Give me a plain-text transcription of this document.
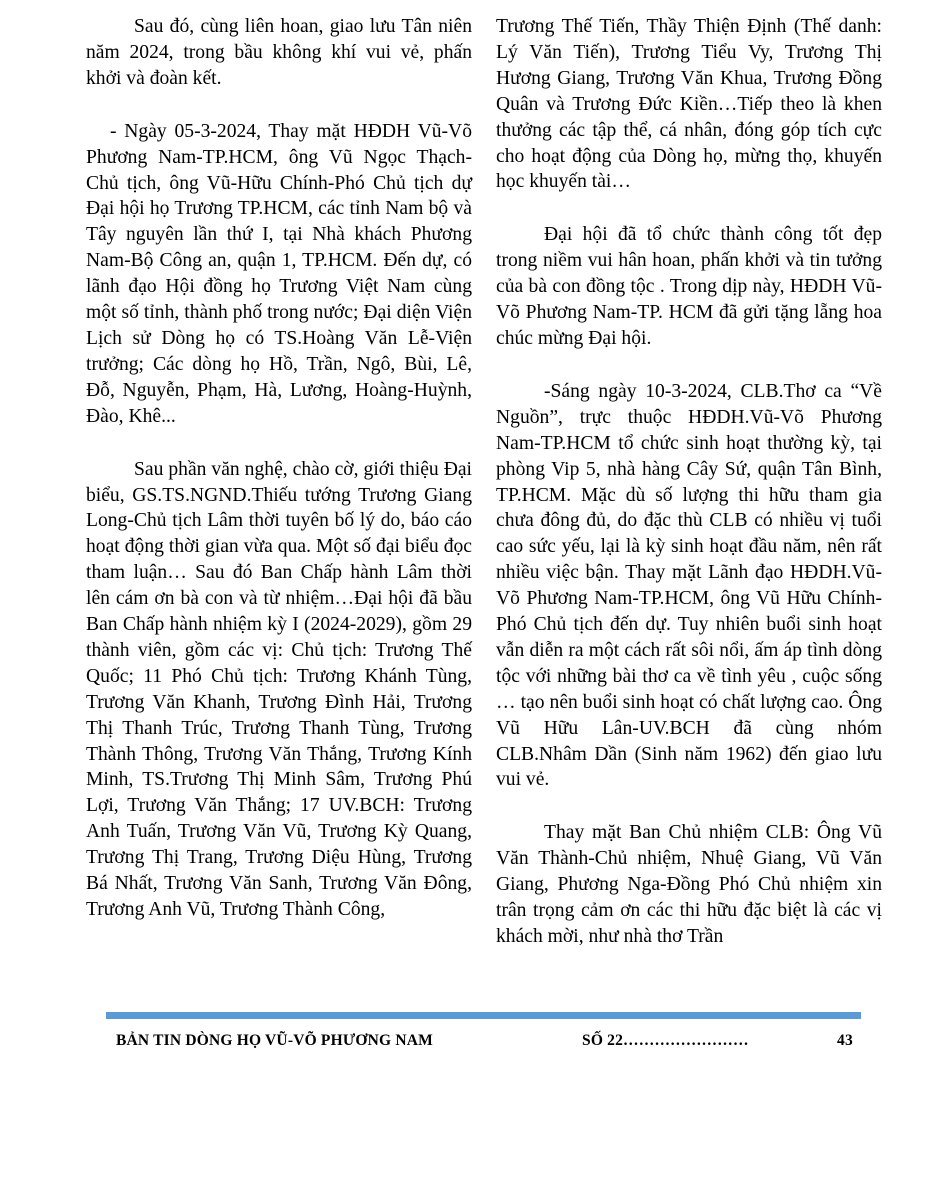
Sau đó, cùng liên hoan, giao lưu Tân niên năm 2024, trong bầu không khí vui vẻ, phấn khởi và đoàn kết.

- Ngày 05-3-2024, Thay mặt HĐDH Vũ-Võ Phương Nam-TP.HCM, ông Vũ Ngọc Thạch-Chủ tịch, ông Vũ-Hữu Chính-Phó Chủ tịch dự Đại hội họ Trương TP.HCM, các tỉnh Nam bộ và Tây nguyên lần thứ I, tại Nhà khách Phương Nam-Bộ Công an, quận 1, TP.HCM. Đến dự, có lãnh đạo Hội đồng họ Trương Việt Nam cùng một số tỉnh, thành phố trong nước; Đại diện Viện Lịch sử Dòng họ có TS.Hoàng Văn Lễ-Viện trưởng; Các dòng họ Hồ, Trần, Ngô, Bùi, Lê, Đỗ, Nguyễn, Phạm, Hà, Lương, Hoàng-Huỳnh, Đào, Khê...

Sau phần văn nghệ, chào cờ, giới thiệu Đại biểu, GS.TS.NGND.Thiếu tướng Trương Giang Long-Chủ tịch Lâm thời tuyên bố lý do, báo cáo hoạt động thời gian vừa qua. Một số đại biểu đọc tham luận… Sau đó Ban Chấp hành Lâm thời lên cám ơn bà con và từ nhiệm…Đại hội đã bầu Ban Chấp hành nhiệm kỳ I (2024-2029), gồm 29 thành viên, gồm các vị: Chủ tịch: Trương Thế Quốc; 11 Phó Chủ tịch: Trương Khánh Tùng, Trương Văn Khanh, Trương Đình Hải, Trương Thị Thanh Trúc, Trương Thanh Tùng, Trương Thành Thông, Trương Văn Thắng, Trương Kính Minh, TS.Trương Thị Minh Sâm, Trương Phú Lợi, Trương Văn Thắng; 17 UV.BCH: Trương Anh Tuấn, Trương Văn Vũ, Trương Kỳ Quang, Trương Thị Trang, Trương Diệu Hùng, Trương Bá Nhất, Trương Văn Sanh, Trương Văn Đông, Trương Anh Vũ, Trương Thành Công,

Trương Thế Tiến, Thầy Thiện Định (Thế danh: Lý Văn Tiến), Trương Tiểu Vy, Trương Thị Hương Giang, Trương Văn Khua, Trương Đồng Quân và Trương Đức Kiền…Tiếp theo là khen thưởng các tập thể, cá nhân, đóng góp tích cực cho hoạt động của Dòng họ, mừng thọ, khuyến học khuyến tài…

Đại hội đã tổ chức thành công tốt đẹp trong niềm vui hân hoan, phấn khởi và tin tưởng của bà con đồng tộc . Trong dịp này, HĐDH Vũ-Võ Phương Nam-TP. HCM đã gửi tặng lẵng hoa chúc mừng Đại hội.

-Sáng ngày 10-3-2024, CLB.Thơ ca “Về Nguồn”, trực thuộc HĐDH.Vũ-Võ Phương Nam-TP.HCM tổ chức sinh hoạt thường kỳ, tại phòng Vip 5, nhà hàng Cây Sứ, quận Tân Bình, TP.HCM. Mặc dù số lượng thi hữu tham gia chưa đông đủ, do đặc thù CLB có nhiều vị tuổi cao sức yếu, lại là kỳ sinh hoạt đầu năm, nên rất nhiều việc bận. Thay mặt Lãnh đạo HĐDH.Vũ-Võ Phương Nam-TP.HCM, ông Vũ Hữu Chính-Phó Chủ tịch đến dự. Tuy nhiên buổi sinh hoạt vẫn diễn ra một cách rất sôi nổi, ấm áp tình dòng tộc với những bài thơ ca về tình yêu , cuộc sống … tạo nên buổi sinh hoạt có chất lượng cao. Ông Vũ Hữu Lân-UV.BCH đã cùng nhóm CLB.Nhâm Dần (Sinh năm 1962) đến giao lưu vui vẻ.

Thay mặt Ban Chủ nhiệm CLB: Ông Vũ Văn Thành-Chủ nhiệm, Nhuệ Giang, Vũ Văn Giang, Phương Nga-Đồng Phó Chủ nhiệm xin trân trọng cảm ơn các thi hữu đặc biệt là các vị khách mời, như nhà thơ Trần

BẢN TIN DÒNG HỌ VŨ-VÕ PHƯƠNG NAM	SỐ 22……………………	43
